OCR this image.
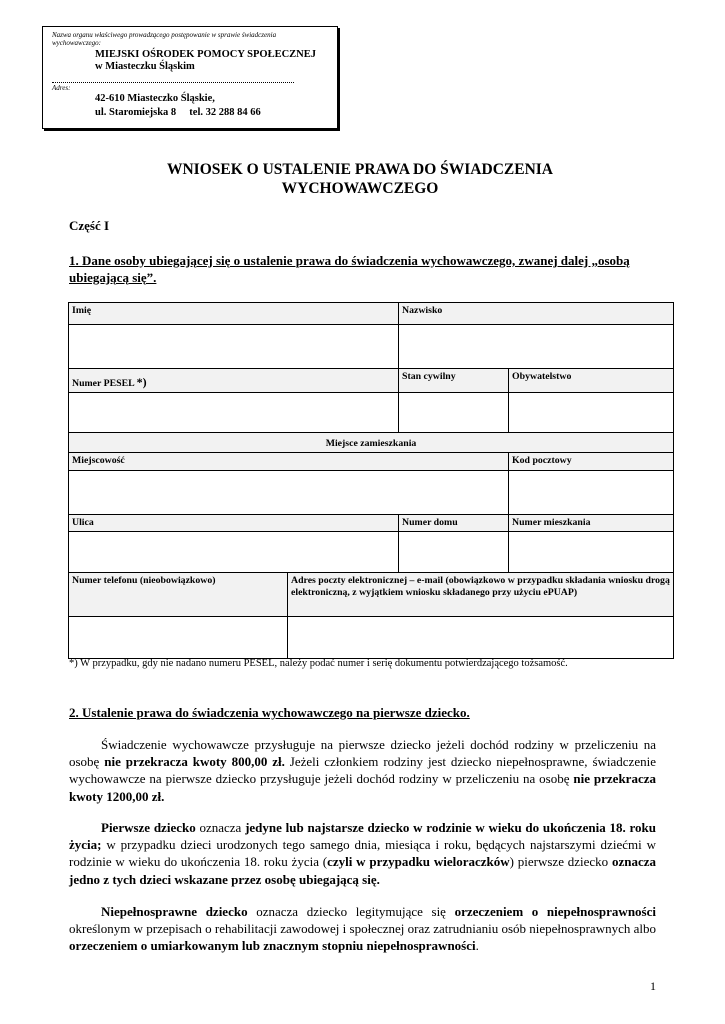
Nazwa organu właściwego prowadzącego postępowanie w sprawie świadczenia wychowawczego:
MIEJSKI OŚRODEK POMOCY SPOŁECZNEJ
w Miasteczku Śląskim
Adres:
42-610 Miasteczko Śląskie,
ul. Staromiejska 8     tel. 32 288 84 66
WNIOSEK O USTALENIE PRAWA DO ŚWIADCZENIA
WYCHOWAWCZEGO
Część I
1. Dane osoby ubiegającej się o ustalenie prawa do świadczenia wychowawczego, zwanej dalej „osobą ubiegającą się”.
Imię		Nazwisko	

Numer PESEL *)		Stan cywilny	Obywatelstwo

Miejsce zamieszkania			
Miejscowość			Kod pocztowy

Ulica		Numer domu	Numer mieszkania

Numer telefonu (nieobowiązkowo)	Adres poczty elektronicznej – e-mail (obowiązkowo w przypadku składania wniosku drogą elektroniczną, z wyjątkiem wniosku składanego przy użyciu ePUAP)		

*) W przypadku, gdy nie nadano numeru PESEL, należy podać numer i serię dokumentu potwierdzającego tożsamość.
2. Ustalenie prawa do świadczenia wychowawczego na pierwsze dziecko.
Świadczenie wychowawcze przysługuje na pierwsze dziecko jeżeli dochód rodziny w przeliczeniu na osobę nie przekracza kwoty 800,00 zł. Jeżeli członkiem rodziny jest dziecko niepełnosprawne, świadczenie wychowawcze na pierwsze dziecko przysługuje jeżeli dochód rodziny w przeliczeniu na osobę nie przekracza kwoty 1200,00 zł.
Pierwsze dziecko oznacza jedyne lub najstarsze dziecko w rodzinie w wieku do ukończenia 18. roku życia; w przypadku dzieci urodzonych tego samego dnia, miesiąca i roku, będących najstarszymi dziećmi w rodzinie w wieku do ukończenia 18. roku życia (czyli w przypadku wieloraczków) pierwsze dziecko oznacza jedno z tych dzieci wskazane przez osobę ubiegającą się.
Niepełnosprawne dziecko oznacza dziecko legitymujące się orzeczeniem o niepełnosprawności określonym w przepisach o rehabilitacji zawodowej i społecznej oraz zatrudnianiu osób niepełnosprawnych albo orzeczeniem o umiarkowanym lub znacznym stopniu niepełnosprawności.
1
